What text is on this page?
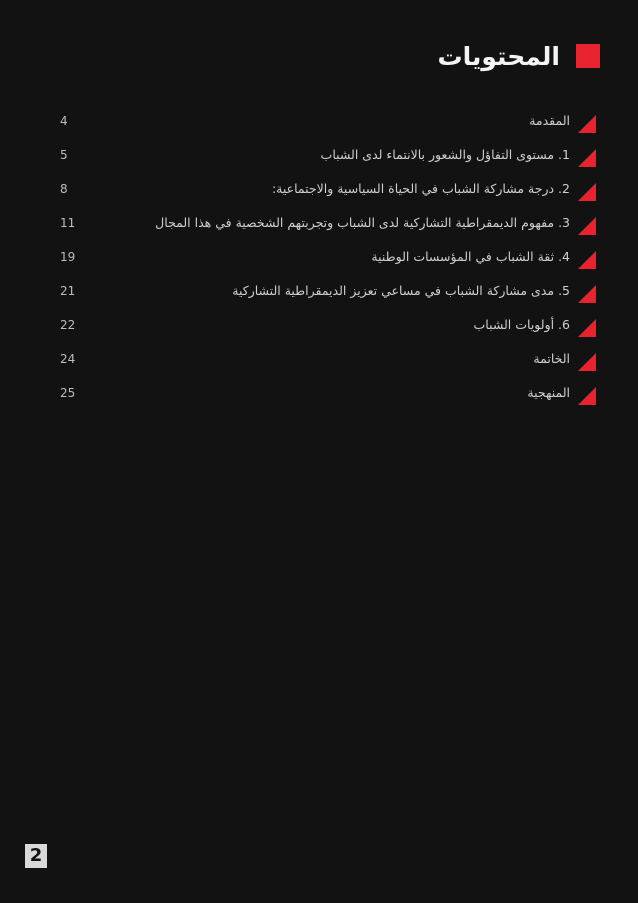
المحتويات
المقدمة
4
1. مستوى التفاؤل والشعور بالانتماء لدى الشباب
5
2. درجة مشاركة الشباب في الحياة السياسية والاجتماعية:
8
3. مفهوم الديمقراطية التشاركية لدى الشباب وتجربتهم الشخصية في هذا المجال
11
4. ثقة الشباب في المؤسسات الوطنية
19
5. مدى مشاركة الشباب في مساعي تعزيز الديمقراطية التشاركية
21
6. أولويات الشباب
22
الخاتمة
24
المنهجية
25
2
